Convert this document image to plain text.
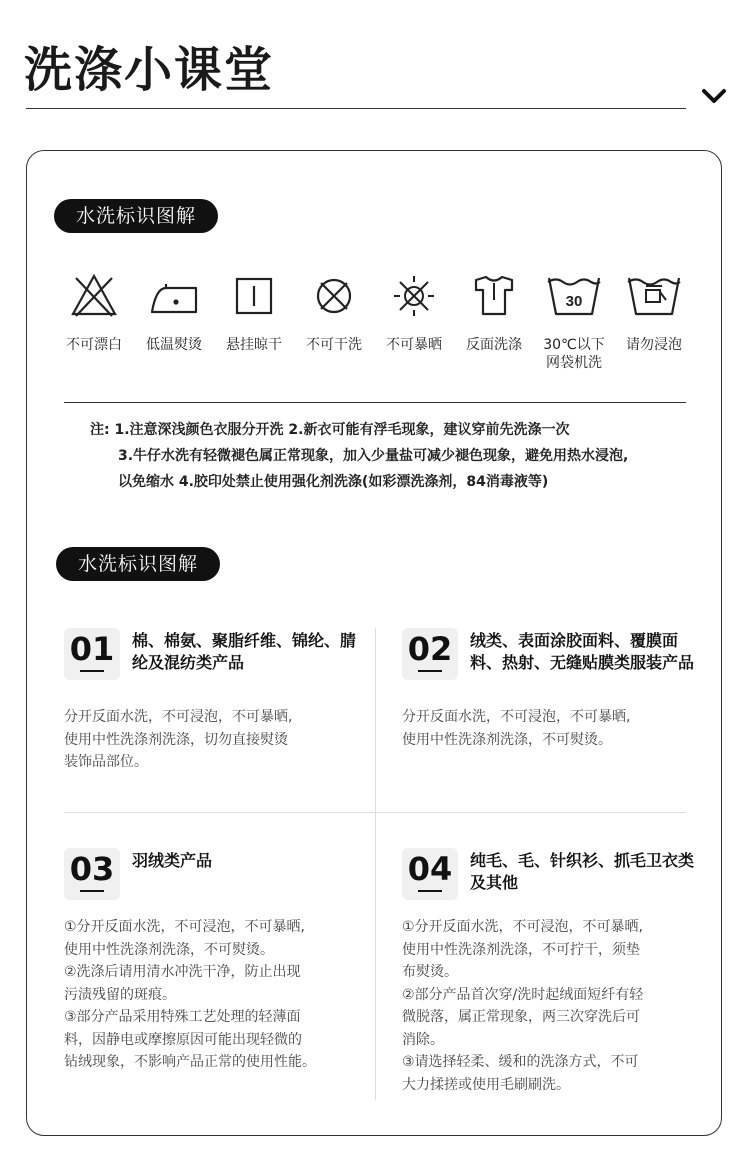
洗涤小课堂
水洗标识图解
不可漂白	低温熨烫	悬挂晾干	不可干洗	不可暴晒	反面洗涤
30
30℃以下
网袋机洗
请勿浸泡
注: 1.注意深浅颜色衣服分开洗 2.新衣可能有浮毛现象，建议穿前先洗涤一次
3.牛仔水洗有轻微褪色属正常现象，加入少量盐可减少褪色现象，避免用热水浸泡,
以免缩水 4.胶印处禁止使用强化剂洗涤(如彩漂洗涤剂，84消毒液等)
水洗标识图解
01	棉、棉氨、聚脂纤维、锦纶、腈纶及混纺类产品
分开反面水洗，不可浸泡，不可暴晒,
使用中性洗涤剂洗涤，切勿直接熨烫
装饰品部位。
02	绒类、表面涂胶面料、覆膜面料、热射、无缝贴膜类服装产品
分开反面水洗，不可浸泡，不可暴晒,
使用中性洗涤剂洗涤，不可熨烫。
03	羽绒类产品
①分开反面水洗，不可浸泡，不可暴晒,
使用中性洗涤剂洗涤，不可熨烫。
②洗涤后请用清水冲洗干净，防止出现
污渍残留的斑痕。
③部分产品采用特殊工艺处理的轻薄面
料，因静电或摩擦原因可能出现轻微的
钻绒现象，不影响产品正常的使用性能。
04	纯毛、毛、针织衫、抓毛卫衣类及其他
①分开反面水洗，不可浸泡，不可暴晒,
使用中性洗涤剂洗涤，不可拧干，须垫
布熨烫。
②部分产品首次穿/洗时起绒面短纤有轻
微脱落，属正常现象，两三次穿洗后可
消除。
③请选择轻柔、缓和的洗涤方式，不可
大力揉搓或使用毛刷刷洗。
